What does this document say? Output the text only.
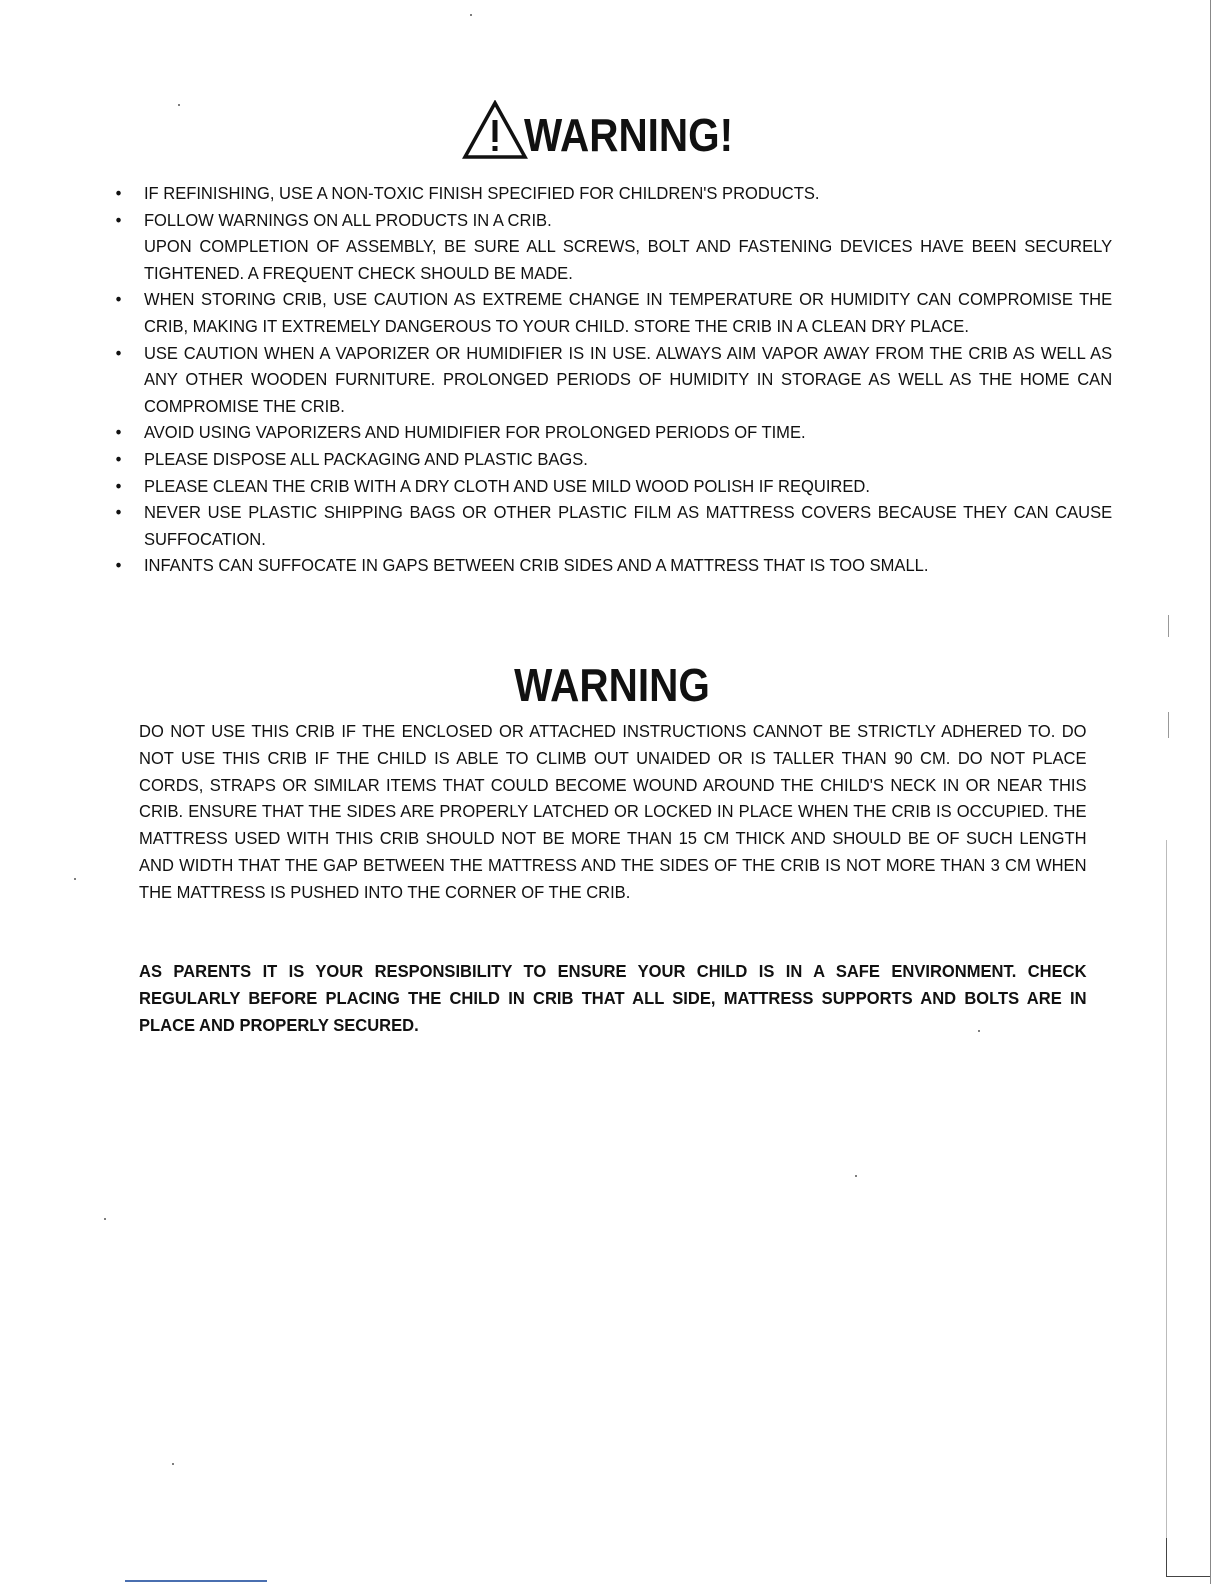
WARNING!
• IF REFINISHING, USE A NON-TOXIC FINISH SPECIFIED FOR CHILDREN'S PRODUCTS.

• FOLLOW WARNINGS ON ALL PRODUCTS IN A CRIB.

UPON COMPLETION OF ASSEMBLY, BE SURE ALL SCREWS, BOLT AND FASTENING DEVICES HAVE BEEN SECURELY TIGHTENED. A FREQUENT CHECK SHOULD BE MADE.

• WHEN STORING CRIB, USE CAUTION AS EXTREME CHANGE IN TEMPERATURE OR HUMIDITY CAN COMPROMISE THE CRIB, MAKING IT EXTREMELY DANGEROUS TO YOUR CHILD. STORE THE CRIB IN A CLEAN DRY PLACE.

• USE CAUTION WHEN A VAPORIZER OR HUMIDIFIER IS IN USE. ALWAYS AIM VAPOR AWAY FROM THE CRIB AS WELL AS ANY OTHER WOODEN FURNITURE. PROLONGED PERIODS OF HUMIDITY IN STORAGE AS WELL AS THE HOME CAN COMPROMISE THE CRIB.

• AVOID USING VAPORIZERS AND HUMIDIFIER FOR PROLONGED PERIODS OF TIME.

• PLEASE DISPOSE ALL PACKAGING AND PLASTIC BAGS.

• PLEASE CLEAN THE CRIB WITH A DRY CLOTH AND USE MILD WOOD POLISH IF REQUIRED.

• NEVER USE PLASTIC SHIPPING BAGS OR OTHER PLASTIC FILM AS MATTRESS COVERS BECAUSE THEY CAN CAUSE SUFFOCATION.

• INFANTS CAN SUFFOCATE IN GAPS BETWEEN CRIB SIDES AND A MATTRESS THAT IS TOO SMALL.

WARNING

DO NOT USE THIS CRIB IF THE ENCLOSED OR ATTACHED INSTRUCTIONS CANNOT BE STRICTLY ADHERED TO. DO NOT USE THIS CRIB IF THE CHILD IS ABLE TO CLIMB OUT UNAIDED OR IS TALLER THAN 90 CM. DO NOT PLACE CORDS, STRAPS OR SIMILAR ITEMS THAT COULD BECOME WOUND AROUND THE CHILD'S NECK IN OR NEAR THIS CRIB. ENSURE THAT THE SIDES ARE PROPERLY LATCHED OR LOCKED IN PLACE WHEN THE CRIB IS OCCUPIED. THE MATTRESS USED WITH THIS CRIB SHOULD NOT BE MORE THAN 15 CM THICK AND SHOULD BE OF SUCH LENGTH AND WIDTH THAT THE GAP BETWEEN THE MATTRESS AND THE SIDES OF THE CRIB IS NOT MORE THAN 3 CM WHEN THE MATTRESS IS PUSHED INTO THE CORNER OF THE CRIB.

AS PARENTS IT IS YOUR RESPONSIBILITY TO ENSURE YOUR CHILD IS IN A SAFE ENVIRONMENT. CHECK REGULARLY BEFORE PLACING THE CHILD IN CRIB THAT ALL SIDE, MATTRESS SUPPORTS AND BOLTS ARE IN PLACE AND PROPERLY SECURED.
